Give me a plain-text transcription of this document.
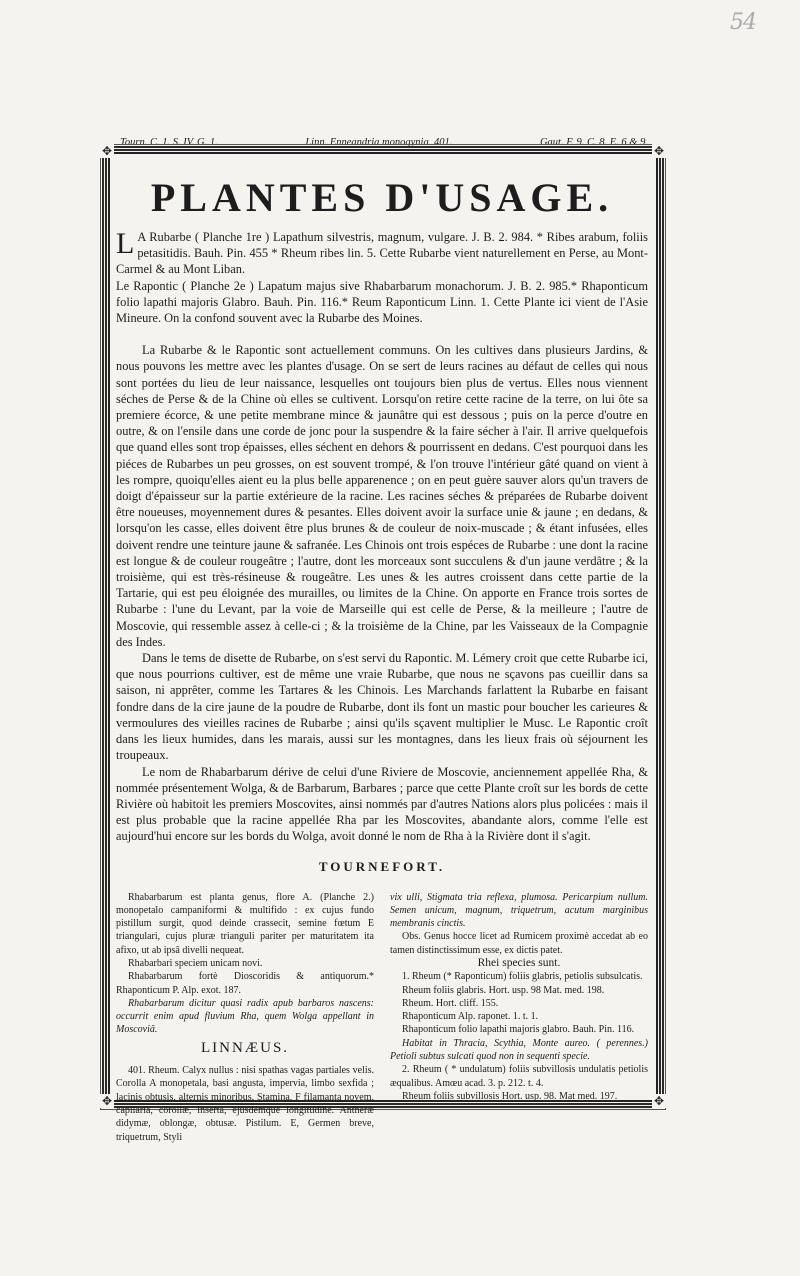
54
Tourn. C. 1. S. IV. G. 1.	Linn. Enneandria monogynia. 401.	Gaut. F. 9. C. 8. E. 6 & 9.
✥	✥
✥	✥
PLANTES D'USAGE.

L A Rubarbe ( Planche 1re ) Lapathum silvestris, magnum, vulgare. J. B. 2. 984. * Ribes arabum, foliis petasitidis. Bauh. Pin. 455 * Rheum ribes lin. 5. Cette Rubarbe vient naturellement en Perse, au Mont-Carmel & au Mont Liban.

Le Rapontic ( Planche 2e ) Lapatum majus sive Rhabarbarum monachorum. J. B. 2. 985.* Rhaponticum folio lapathi majoris Glabro. Bauh. Pin. 116.* Reum Raponticum Linn. 1. Cette Plante ici vient de l'Asie Mineure. On la confond souvent avec la Rubarbe des Moines.

La Rubarbe & le Rapontic sont actuellement communs. On les cultives dans plusieurs Jardins, & nous pouvons les mettre avec les plantes d'usage. On se sert de leurs racines au défaut de celles qui nous sont portées du lieu de leur naissance, lesquelles ont toujours bien plus de vertus. Elles nous viennent séches de Perse & de la Chine où elles se cultivent. Lorsqu'on retire cette racine de la terre, on lui ôte sa premiere écorce, & une petite membrane mince & jaunâtre qui est dessous ; puis on la perce d'outre en outre, & on l'ensile dans une corde de jonc pour la suspendre & la faire sécher à l'air. Il arrive quelquefois que quand elles sont trop épaisses, elles séchent en dehors & pourrissent en dedans. C'est pourquoi dans les piéces de Rubarbes un peu grosses, on est souvent trompé, & l'on trouve l'intérieur gâté quand on vient à les rompre, quoiqu'elles aient eu la plus belle apparenence ; on en peut guère sauver alors qu'un travers de doigt d'épaisseur sur la partie extérieure de la racine. Les racines séches & préparées de Rubarbe doivent être noueuses, moyennement dures & pesantes. Elles doivent avoir la surface unie & jaune ; en dedans, & lorsqu'on les casse, elles doivent être plus brunes & de couleur de noix-muscade ; & étant infusées, elles doivent rendre une teinture jaune & safranée. Les Chinois ont trois espéces de Rubarbe : une dont la racine est longue & de couleur rougeâtre ; l'autre, dont les morceaux sont succulens & d'un jaune verdâtre ; & la troisième, qui est très-résineuse & rougeâtre. Les unes & les autres croissent dans cette partie de la Tartarie, qui est peu éloignée des murailles, ou limites de la Chine. On apporte en France trois sortes de Rubarbe : l'une du Levant, par la voie de Marseille qui est celle de Perse, & la meilleure ; l'autre de Moscovie, qui ressemble assez à celle-ci ; & la troisième de la Chine, par les Vaisseaux de la Compagnie des Indes.

Dans le tems de disette de Rubarbe, on s'est servi du Rapontic. M. Lémery croit que cette Rubarbe ici, que nous pourrions cultiver, est de même une vraie Rubarbe, que nous ne sçavons pas cueillir dans sa saison, ni apprêter, comme les Tartares & les Chinois. Les Marchands farlattent la Rubarbe en faisant fondre dans de la cire jaune de la poudre de Rubarbe, dont ils font un mastic pour boucher les carieures & vermoulures des vieilles racines de Rubarbe ; ainsi qu'ils sçavent multiplier le Musc. Le Rapontic croît dans les lieux humides, dans les marais, aussi sur les montagnes, dans les lieux frais où séjournent les troupeaux.

Le nom de Rhabarbarum dérive de celui d'une Riviere de Moscovie, anciennement appellée Rha, & nommée présentement Wolga, & de Barbarum, Barbares ; parce que cette Plante croît sur les bords de cette Rivière où habitoit les premiers Moscovites, ainsi nommés par d'autres Nations alors plus policées : mais il est plus probable que la racine appellée Rha par les Moscovites, abandante alors, comme l'elle est aujourd'hui encore sur les bords du Wolga, avoit donné le nom de Rha à la Rivière dont il s'agit.

TOURNEFORT.

Rhabarbarum est planta genus, flore A. (Planche 2.) monopetalo campaniformi & multifido : ex cujus fundo pistillum surgit, quod deinde crassecit, semine fœtum E triangulari, cujus pluræ trianguli pariter per maturitatem ita afixo, ut ab ipsâ divelli nequeat.

Rhabarbari speciem unicam novi.

Rhabarbarum fortè Dioscoridis & antiquorum.* Rhaponticum P. Alp. exot. 187.

Rhabarbarum dicitur quasi radix apub barbaros nascens: occurrit enim apud fluvium Rha, quem Wolga appellant in Moscoviâ.

LINNÆUS.

401. Rheum. Calyx nullus : nisi spathas vagas partiales velis. Corolla A monopetala, basi angusta, impervia, limbo sexfida ; lacinis obtusis, alternis minoribus. Stamina, F filamanta novem, capilaria, corollæ, inserta, ejusdemque longitudine. Antheræ didymæ, oblongæ, obtusæ. Pistilum. E, Germen breve, triquetrum, Styli

vix ulli, Stigmata tria reflexa, plumosa. Pericarpium nullum. Semen unicum, magnum, triquetrum, acutum marginibus membranis cinctis.

Obs. Genus hocce licet ad Rumicem proximè accedat ab eo tamen distinctissimum esse, ex dictis patet.

Rhei species sunt.

1. Rheum (* Raponticum) foliis glabris, petiolis subsulcatis.

Rheum foliis glabris. Hort. usp. 98 Mat. med. 198.

Rheum. Hort. cliff. 155.

Rhaponticum Alp. raponet. 1. t. 1.

Rhaponticum folio lapathi majoris glabro. Bauh. Pin. 116.

Habitat in Thracia, Scythia, Monte aureo. ( perennes.) Petioli subtus sulcati quod non in sequenti specie.

2. Rheum ( * undulatum) foliis subvillosis undulatis petiolis æqualibus. Amœu acad. 3. p. 212. t. 4.

Rheum foliis subvillosis Hort. usp. 98. Mat med. 197.
